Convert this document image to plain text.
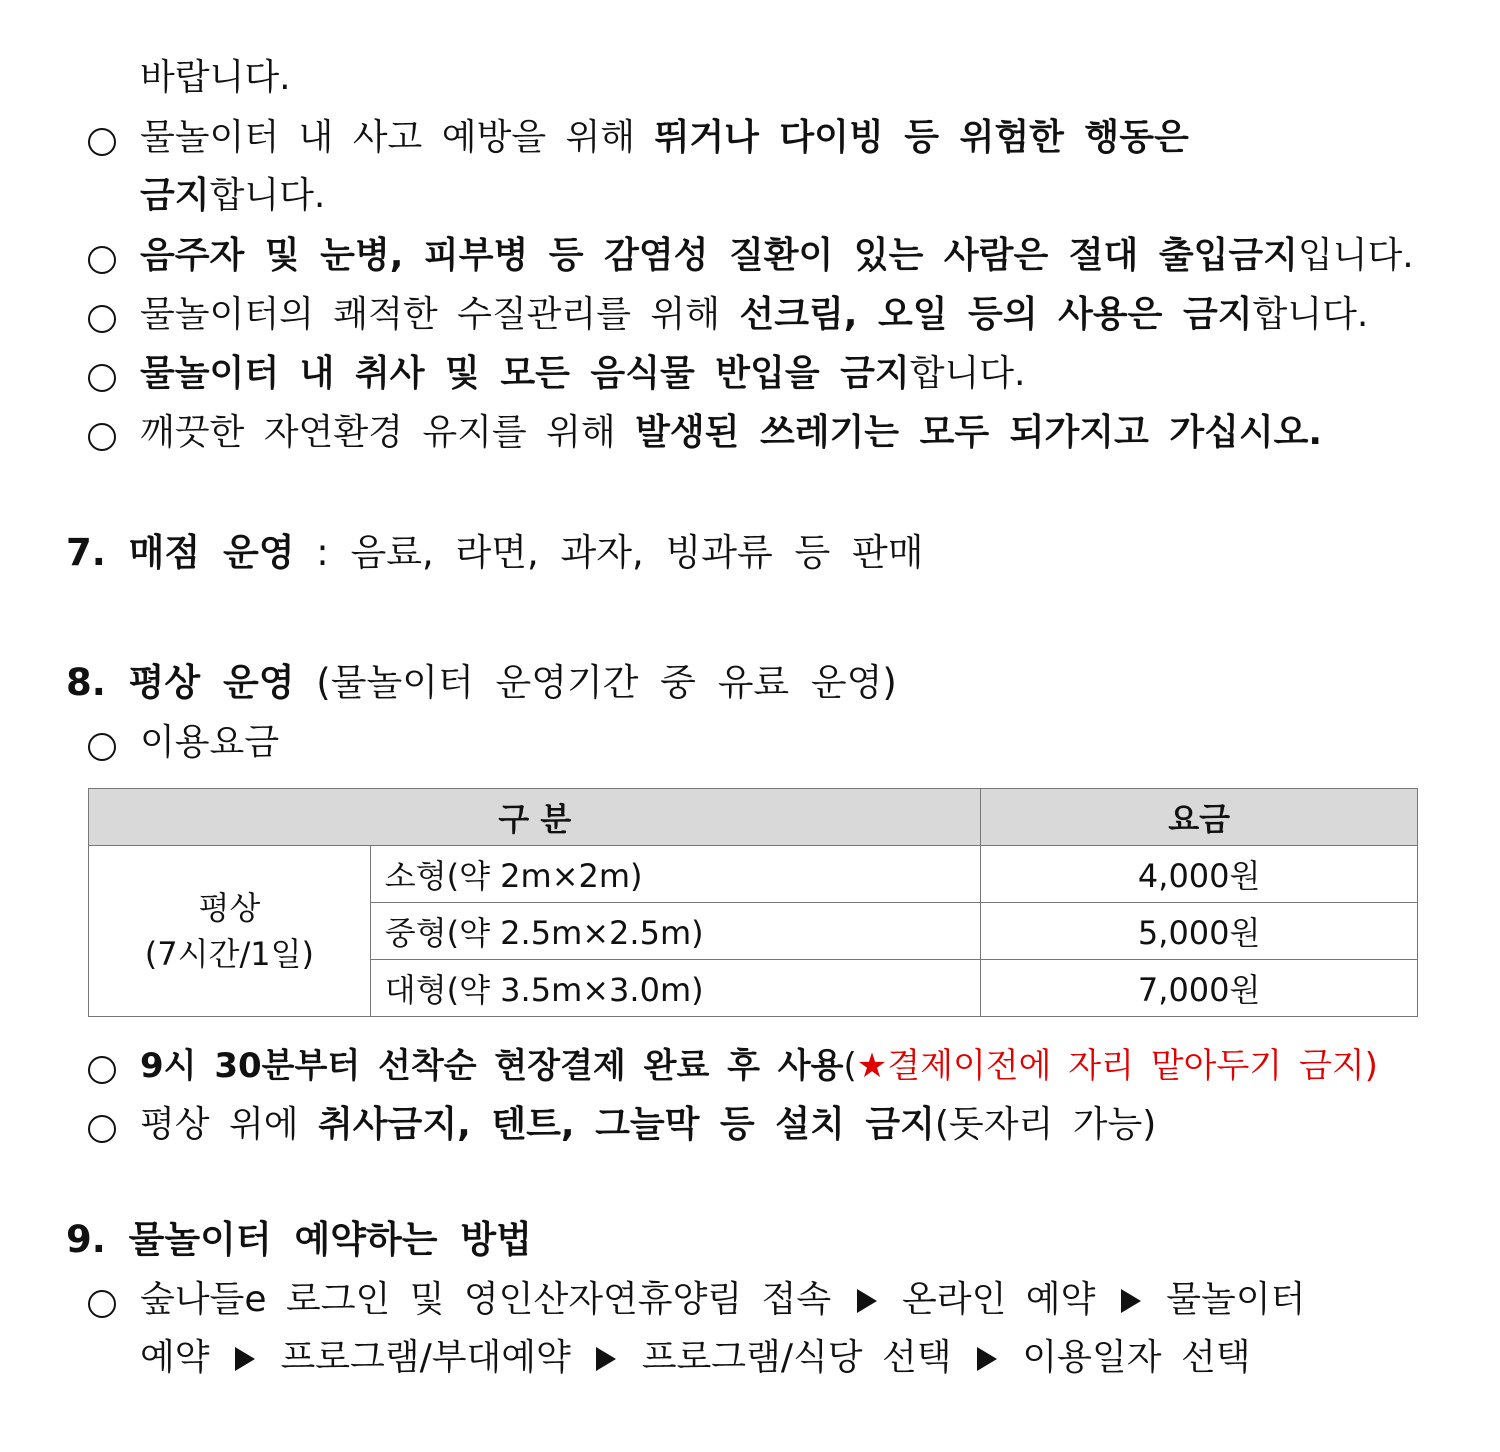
바랍니다.
물놀이터 내 사고 예방을 위해 뛰거나 다이빙 등 위험한 행동은
금지합니다.
음주자 및 눈병, 피부병 등 감염성 질환이 있는 사람은 절대 출입금지입니다.
물놀이터의 쾌적한 수질관리를 위해 선크림, 오일 등의 사용은 금지합니다.
물놀이터 내 취사 및 모든 음식물 반입을 금지합니다.
깨끗한 자연환경 유지를 위해 발생된 쓰레기는 모두 되가지고 가십시오.
7. 매점 운영 : 음료, 라면, 과자, 빙과류 등 판매
8. 평상 운영 (물놀이터 운영기간 중 유료 운영)
이용요금
구 분		요금

평상
(7시간/1일)	소형(약 2m×2m)	4,000원
	중형(약 2.5m×2.5m)	5,000원
	대형(약 3.5m×3.0m)	7,000원
9시 30분부터 선착순 현장결제 완료 후 사용(★결제이전에 자리 맡아두기 금지)
평상 위에 취사금지, 텐트, 그늘막 등 설치 금지(돗자리 가능)
9. 물놀이터 예약하는 방법
숲나들e 로그인 및 영인산자연휴양림 접속 온라인 예약 물놀이터
예약 프로그램/부대예약 프로그램/식당 선택 이용일자 선택
